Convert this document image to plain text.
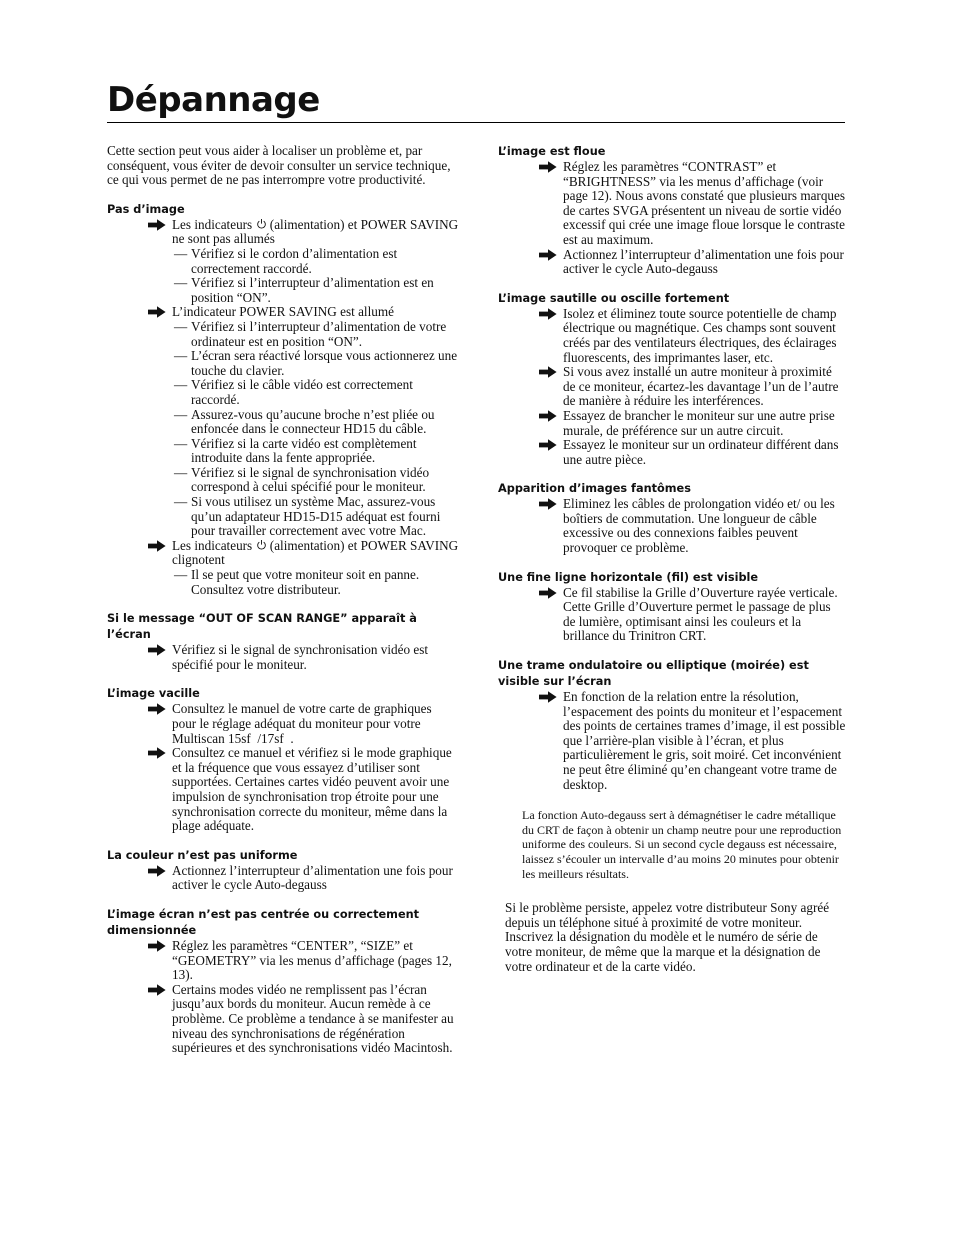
Dépannage

Cette section peut vous aider à localiser un problème et, par conséquent, vous éviter de devoir consulter un service technique, ce qui vous permet de ne pas interrompre votre productivité.

Pas d’image
Les indicateurs (alimentation) et POWER SAVING ne sont pas allumés
— Vérifiez si le cordon d’alimentation est correctement raccordé.
— Vérifiez si l’interrupteur d’alimentation est en position “ON”.
L’indicateur POWER SAVING est allumé
— Vérifiez si l’interrupteur d’alimentation de votre ordinateur est en position “ON”.
— L’écran sera réactivé lorsque vous actionnerez une touche du clavier.
— Vérifiez si le câble vidéo est correctement raccordé.
— Assurez-vous qu’aucune broche n’est pliée ou enfoncée dans le connecteur HD15 du câble.
— Vérifiez si la carte vidéo est complètement introduite dans la fente appropriée.
— Vérifiez si le signal de synchronisation vidéo correspond à celui spécifié pour le moniteur.
— Si vous utilisez un système Mac, assurez-vous qu’un adaptateur HD15-D15 adéquat est fourni pour travailler correctement avec votre Mac.
Les indicateurs (alimentation) et POWER SAVING clignotent
— Il se peut que votre moniteur soit en panne. Consultez votre distributeur.
Si le message “OUT OF SCAN RANGE” apparaît à l’écran
Vérifiez si le signal de synchronisation vidéo est spécifié pour le moniteur.
L’image vacille
Consultez le manuel de votre carte de graphiques pour le réglage adéquat du moniteur pour votre Multiscan 15sf /17sf .
Consultez ce manuel et vérifiez si le mode graphique et la fréquence que vous essayez d’utiliser sont supportées. Certaines cartes vidéo peuvent avoir une impulsion de synchronisation trop étroite pour une synchronisation correcte du moniteur, même dans la plage adéquate.
La couleur n’est pas uniforme
Actionnez l’interrupteur d’alimentation une fois pour activer le cycle Auto-degauss
L’image écran n’est pas centrée ou correctement dimensionnée
Réglez les paramètres “CENTER”, “SIZE” et “GEOMETRY” via les menus d’affichage (pages 12, 13).
Certains modes vidéo ne remplissent pas l’écran jusqu’aux bords du moniteur. Aucun remède à ce problème. Ce problème a tendance à se manifester au niveau des synchronisations de régénération supérieures et des synchronisations vidéo Macintosh.
L’image est floue
Réglez les paramètres “CONTRAST” et “BRIGHTNESS” via les menus d’affichage (voir page 12). Nous avons constaté que plusieurs marques de cartes SVGA présentent un niveau de sortie vidéo excessif qui crée une image floue lorsque le contraste est au maximum.
Actionnez l’interrupteur d’alimentation une fois pour activer le cycle Auto-degauss
L’image sautille ou oscille fortement
Isolez et éliminez toute source potentielle de champ électrique ou magnétique. Ces champs sont souvent créés par des ventilateurs électriques, des éclairages fluorescents, des imprimantes laser, etc.
Si vous avez installé un autre moniteur à proximité de ce moniteur, écartez-les davantage l’un de l’autre de manière à réduire les interférences.
Essayez de brancher le moniteur sur une autre prise murale, de préférence sur un autre circuit.
Essayez le moniteur sur un ordinateur différent dans une autre pièce.
Apparition d’images fantômes
Eliminez les câbles de prolongation vidéo et/ ou les boîtiers de commutation. Une longueur de câble excessive ou des connexions faibles peuvent provoquer ce problème.
Une fine ligne horizontale (fil) est visible
Ce fil stabilise la Grille d’Ouverture rayée verticale. Cette Grille d’Ouverture permet le passage de plus de lumière, optimisant ainsi les couleurs et la brillance du Trinitron CRT.
Une trame ondulatoire ou elliptique (moirée) est visible sur l’écran
En fonction de la relation entre la résolution, l’espacement des points du moniteur et l’espacement des points de certaines trames d’image, il est possible que l’arrière-plan visible à l’écran, et plus particulièrement le gris, soit moiré. Cet inconvénient ne peut être éliminé qu’en changeant votre trame de desktop.

La fonction Auto-degauss sert à démagnétiser le cadre métallique du CRT de façon à obtenir un champ neutre pour une reproduction uniforme des couleurs. Si un second cycle degauss est nécessaire, laissez s’écouler un intervalle d’au moins 20 minutes pour obtenir les meilleurs résultats.

Si le problème persiste, appelez votre distributeur Sony agréé depuis un téléphone situé à proximité de votre moniteur.

Inscrivez la désignation du modèle et le numéro de série de votre moniteur, de même que la marque et la désignation de votre ordinateur et de la carte vidéo.
